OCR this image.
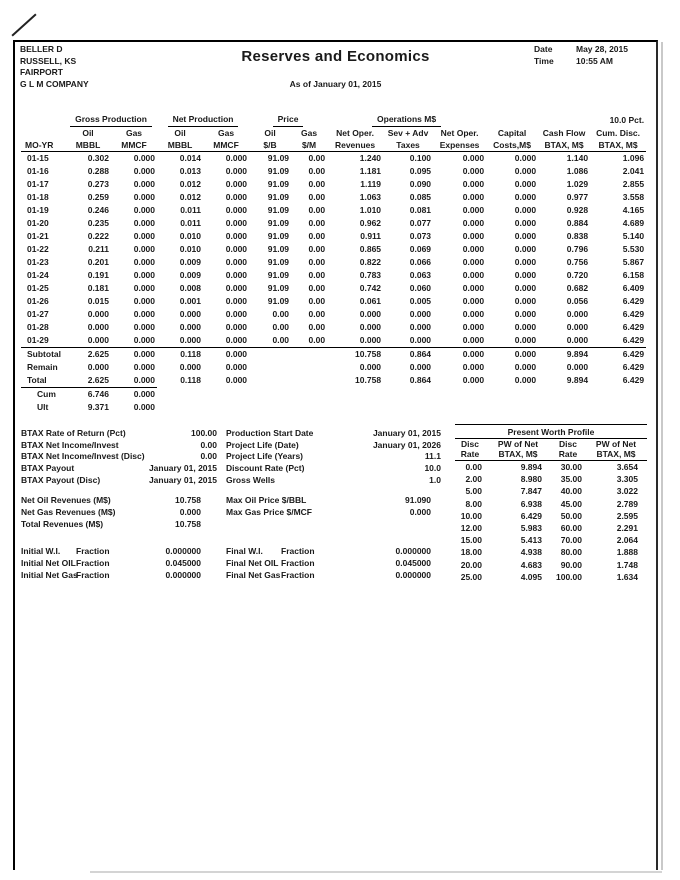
BELLER D
RUSSELL, KS
FAIRPORT
G L M COMPANY
Reserves and Economics
As of January 01, 2015
Date	May 28, 2015
Time	10:55 AM
	Gross Production		Net Production		Price		Operations M$					10.0 Pct.
	Oil	Gas	Oil	Gas	Oil	Gas	Net Oper.	Sev + Adv	Net Oper.	Capital	Cash Flow	Cum. Disc.
MO-YR	MBBL	MMCF	MBBL	MMCF	$/B	$/M	Revenues	Taxes	Expenses	Costs,M$	BTAX, M$	BTAX, M$
01-15	0.302	0.000	0.014	0.000	91.09	0.00	1.240	0.100	0.000	0.000	1.140	1.096
01-16	0.288	0.000	0.013	0.000	91.09	0.00	1.181	0.095	0.000	0.000	1.086	2.041
01-17	0.273	0.000	0.012	0.000	91.09	0.00	1.119	0.090	0.000	0.000	1.029	2.855
01-18	0.259	0.000	0.012	0.000	91.09	0.00	1.063	0.085	0.000	0.000	0.977	3.558
01-19	0.246	0.000	0.011	0.000	91.09	0.00	1.010	0.081	0.000	0.000	0.928	4.165
01-20	0.235	0.000	0.011	0.000	91.09	0.00	0.962	0.077	0.000	0.000	0.884	4.689
01-21	0.222	0.000	0.010	0.000	91.09	0.00	0.911	0.073	0.000	0.000	0.838	5.140
01-22	0.211	0.000	0.010	0.000	91.09	0.00	0.865	0.069	0.000	0.000	0.796	5.530
01-23	0.201	0.000	0.009	0.000	91.09	0.00	0.822	0.066	0.000	0.000	0.756	5.867
01-24	0.191	0.000	0.009	0.000	91.09	0.00	0.783	0.063	0.000	0.000	0.720	6.158
01-25	0.181	0.000	0.008	0.000	91.09	0.00	0.742	0.060	0.000	0.000	0.682	6.409
01-26	0.015	0.000	0.001	0.000	91.09	0.00	0.061	0.005	0.000	0.000	0.056	6.429
01-27	0.000	0.000	0.000	0.000	0.00	0.00	0.000	0.000	0.000	0.000	0.000	6.429
01-28	0.000	0.000	0.000	0.000	0.00	0.00	0.000	0.000	0.000	0.000	0.000	6.429
01-29	0.000	0.000	0.000	0.000	0.00	0.00	0.000	0.000	0.000	0.000	0.000	6.429
Subtotal	2.625	0.000	0.118	0.000			10.758	0.864	0.000	0.000	9.894	6.429
Remain	0.000	0.000	0.000	0.000			0.000	0.000	0.000	0.000	0.000	6.429
Total	2.625	0.000	0.118	0.000			10.758	0.864	0.000	0.000	9.894	6.429
Cum	6.746	0.000										
Ult	9.371	0.000										
BTAX Rate of Return (Pct)	100.00
BTAX Net Income/Invest	0.00
BTAX Net Income/Invest (Disc)	0.00
BTAX Payout	January 01, 2015
BTAX Payout (Disc)	January 01, 2015
Production Start Date	January 01, 2015
Project Life (Date)	January 01, 2026
Project Life (Years)	11.1
Discount Rate (Pct)	10.0
Gross Wells	1.0
Present Worth Profile
Disc
Rate

PW of Net
BTAX, M$

Disc
Rate

PW of Net
BTAX, M$

0.00	9.894	30.00	3.654
2.00	8.980	35.00	3.305
5.00	7.847	40.00	3.022
8.00	6.938	45.00	2.789
10.00	6.429	50.00	2.595
12.00	5.983	60.00	2.291
15.00	5.413	70.00	2.064
18.00	4.938	80.00	1.888
20.00	4.683	90.00	1.748
25.00	4.095	100.00	1.634
Net Oil Revenues (M$)	10.758	Max Oil Price $/BBL	91.090
Net Gas Revenues (M$)	0.000	Max Gas Price $/MCF	0.000
Total Revenues (M$)	10.758		
Initial W.I.	Fraction	0.000000	Final W.I.	Fraction	0.000000
Initial Net OIL	Fraction	0.045000	Final Net OIL	Fraction	0.045000
Initial Net Gas	Fraction	0.000000	Final Net Gas	Fraction	0.000000
